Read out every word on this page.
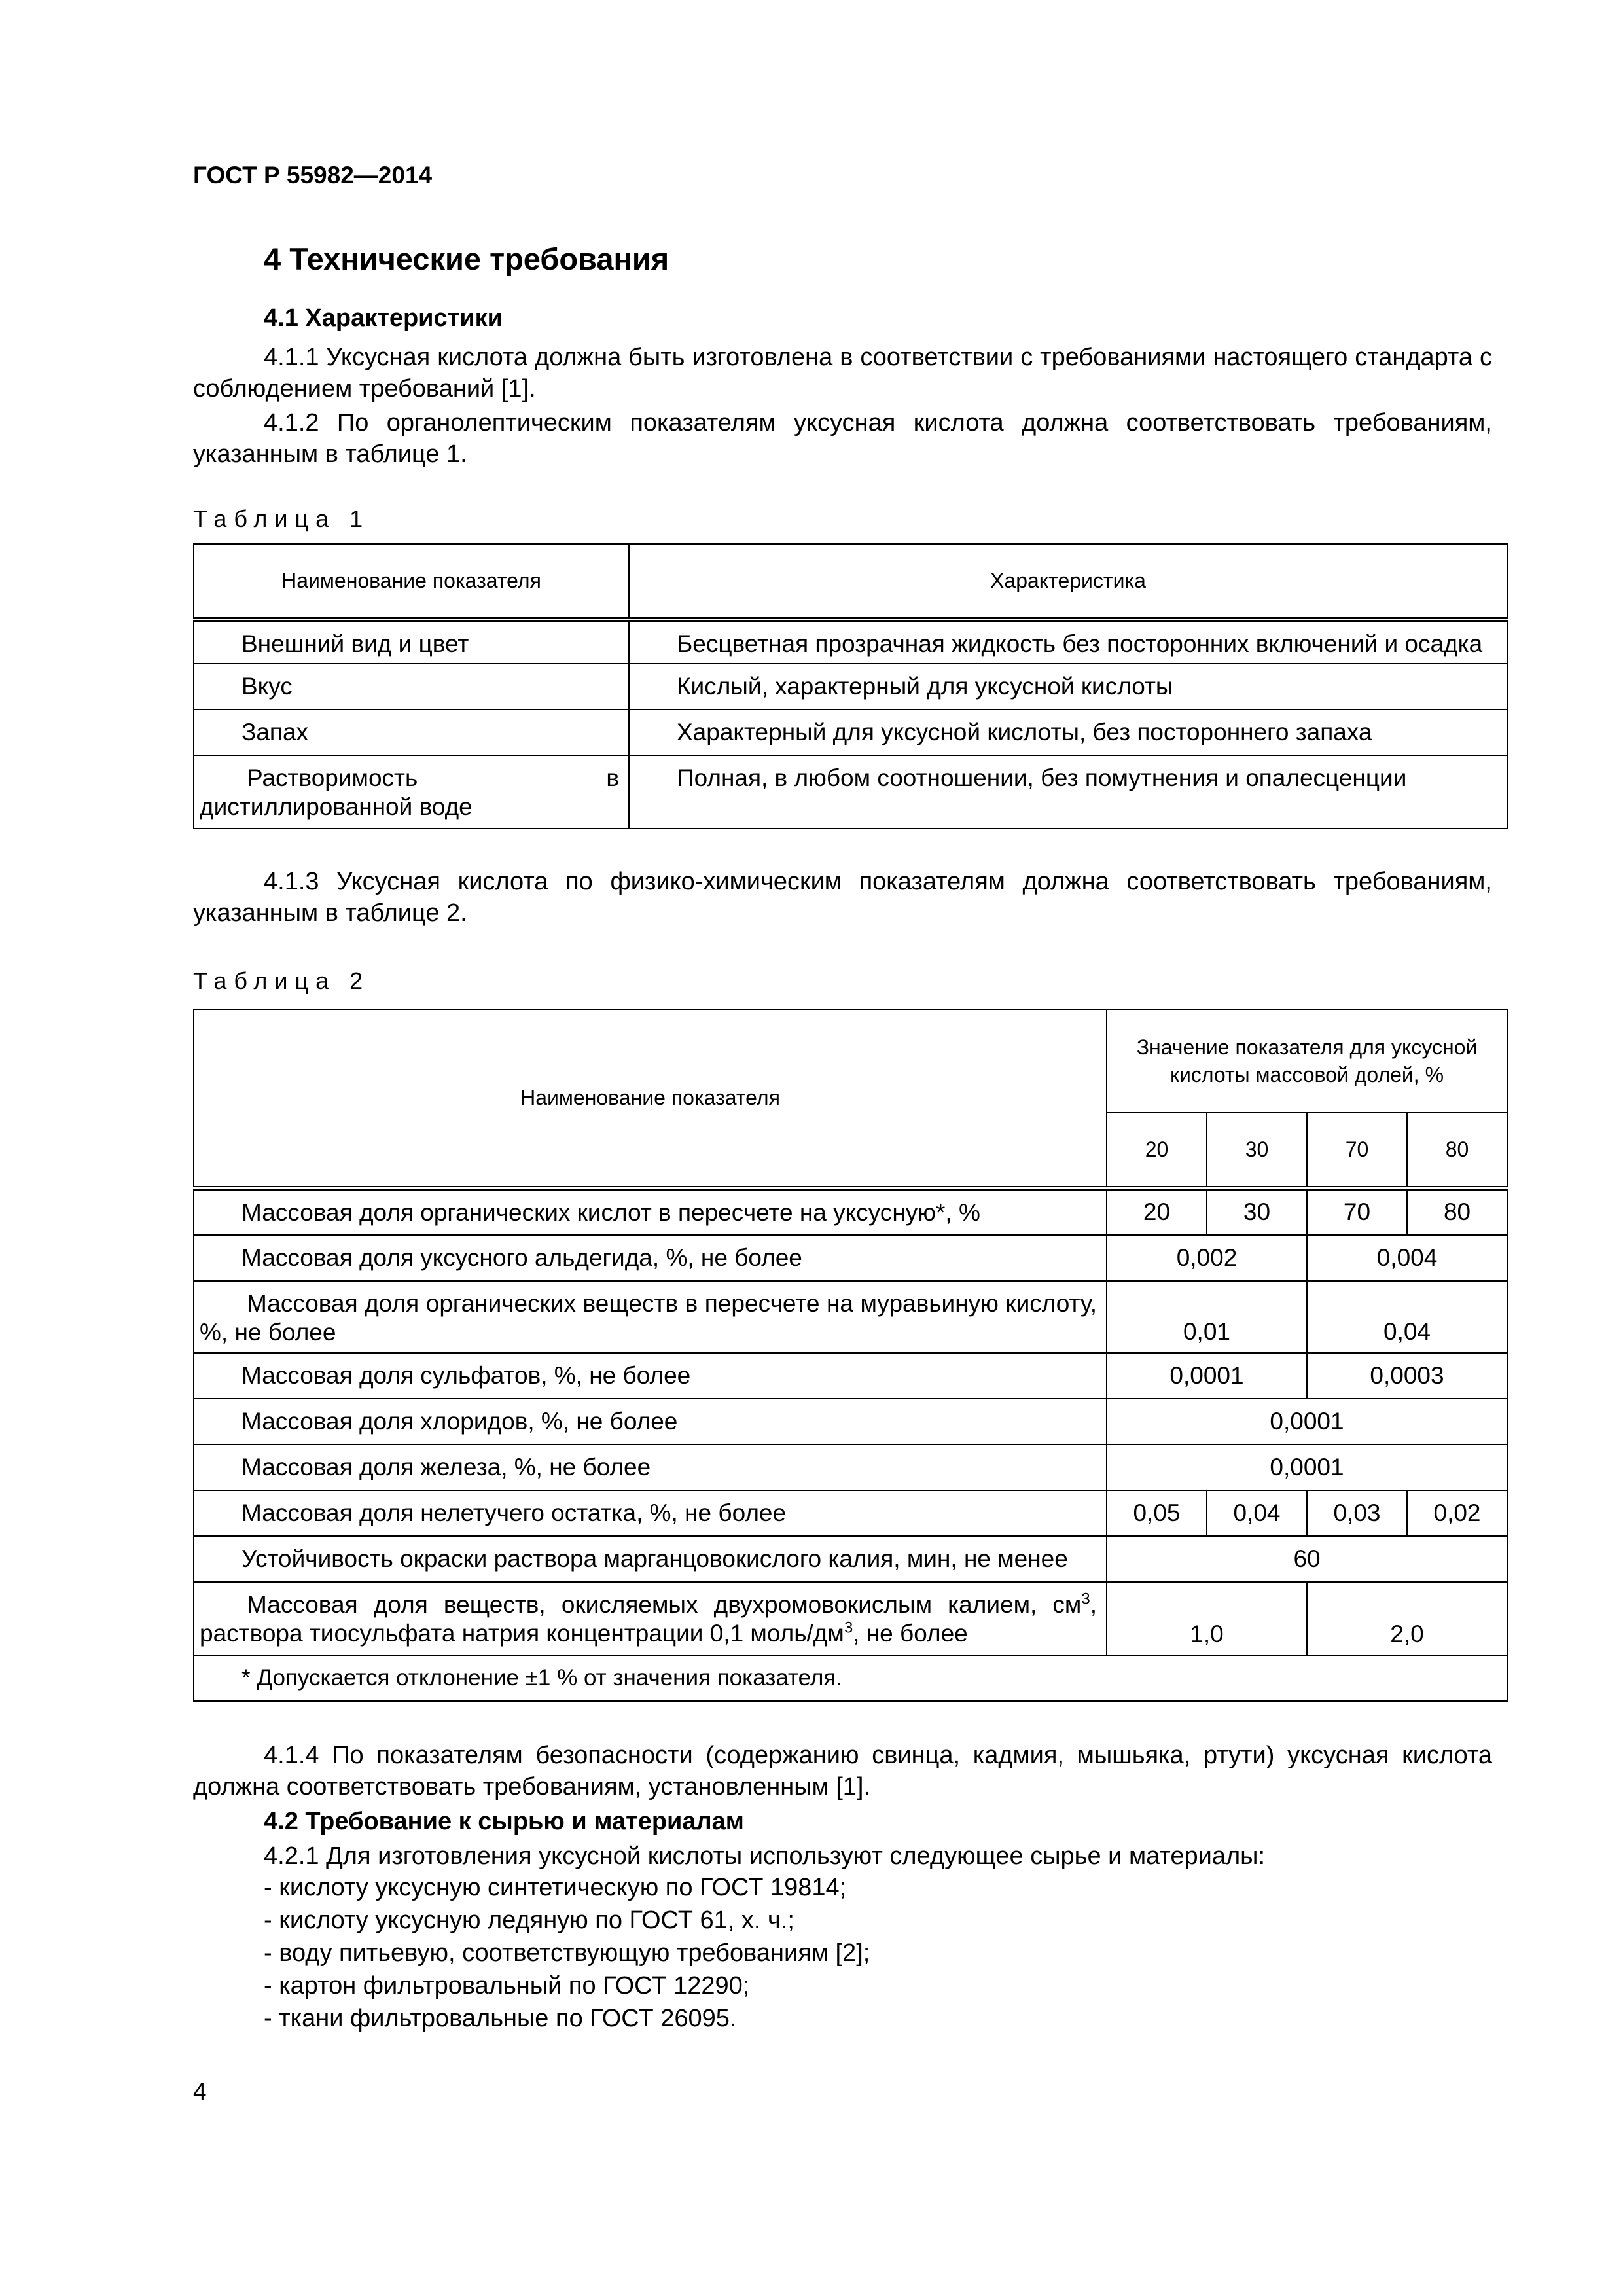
ГОСТ Р 55982—2014
4 Технические требования
4.1 Характеристики

4.1.1 Уксусная кислота должна быть изготовлена в соответствии с требованиями настоящего стандарта с соблюдением требований [1].

4.1.2 По органолептическим показателям уксусная кислота должна соответствовать требованиям, указанным в таблице 1.

Таблица 1
Наименование показателя	Характеристика
Внешний вид и цвет	Бесцветная прозрачная жидкость без посторонних включений и осадка
Вкус	Кислый, характерный для уксусной кислоты
Запах	Характерный для уксусной кислоты, без постороннего запаха
Растворимость в дистиллированной воде	Полная, в любом соотношении, без помутнения и опалесценции

4.1.3 Уксусная кислота по физико-химическим показателям должна соответствовать требованиям, указанным в таблице 2.

Таблица 2
Наименование показателя	Значение показателя для уксусной кислоты массовой долей, %			
	20	30	70	80
Массовая доля органических кислот в пересчете на уксусную*, %	20	30	70	80
Массовая доля уксусного альдегида, %, не более	0,002		0,004	
Массовая доля органических веществ в пересчете на муравьиную кислоту, %, не более	0,01		0,04	
Массовая доля сульфатов, %, не более	0,0001		0,0003	
Массовая доля хлоридов, %, не более	0,0001			
Массовая доля железа, %, не более	0,0001			
Массовая доля нелетучего остатка, %, не более	0,05	0,04	0,03	0,02
Устойчивость окраски раствора марганцовокислого калия, мин, не менее	60			
Массовая доля веществ, окисляемых двухромовокислым калием, $см^3$, раствора тиосульфата натрия концентрации 0,1 моль/$дм^3$, не более	1,0		2,0	
* Допускается отклонение ±1 % от значения показателя.				

4.1.4 По показателям безопасности (содержанию свинца, кадмия, мышьяка, ртути) уксусная кислота должна соответствовать требованиям, установленным [1].

4.2 Требование к сырью и материалам

4.2.1 Для изготовления уксусной кислоты используют следующее сырье и материалы:

- кислоту уксусную синтетическую по ГОСТ 19814;
- кислоту уксусную ледяную по ГОСТ 61, х. ч.;
- воду питьевую, соответствующую требованиям [2];
- картон фильтровальный по ГОСТ 12290;
- ткани фильтровальные по ГОСТ 26095.
4
